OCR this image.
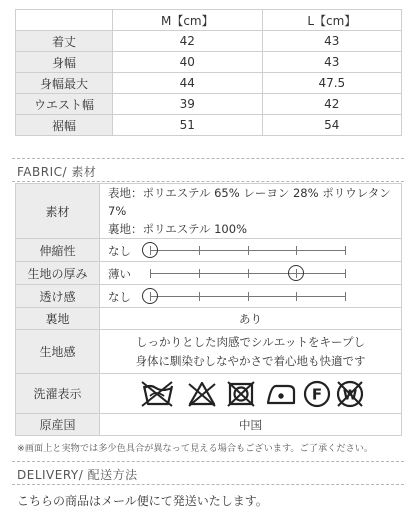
	M【cm】	L【cm】
着丈	42	43
身幅	40	43
身幅最大	44	47.5
ウエスト幅	39	42
裾幅	51	54
FABRIC/ 素材
素材	表地：ポリエステル 65% レーヨン 28% ポリウレタン 7%
裏地：ポリエステル 100%

伸縮性	なし

生地の厚み	薄い

透け感	なし

裏地	あり
生地感	しっかりとした肉感でシルエットをキープし
身体に馴染むしなやかさで着心地も快適です

洗濯表示	F W

原産国	中国
※画面上と実物では多少色具合が異なって見える場合もございます。ご了承ください。
DELIVERY/ 配送方法
こちらの商品はメール便にて発送いたします。
